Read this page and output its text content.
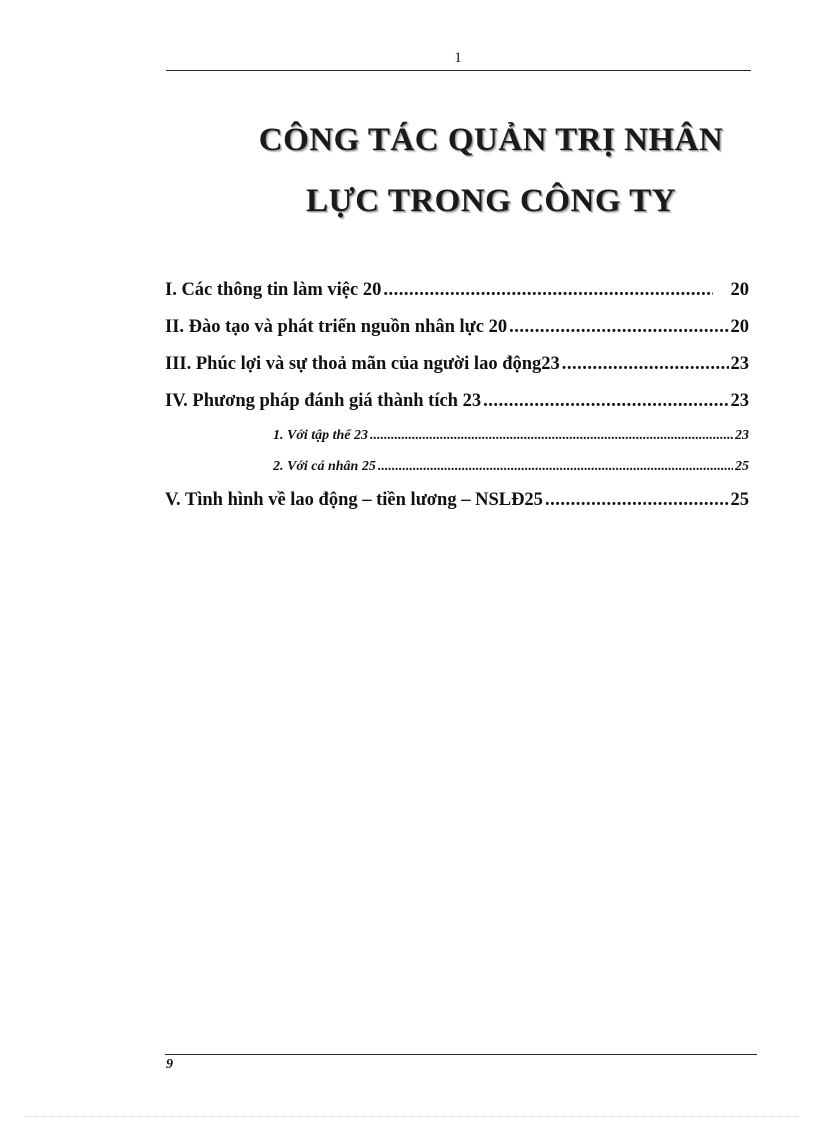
1
CÔNG TÁC QUẢN TRỊ NHÂN
LỰC TRONG CÔNG TY
I. Các thông tin làm việc 20 .....	20
II. Đào tạo và phát triển nguồn nhân lực 20 .....	20
III. Phúc lợi và sự thoả mãn của người lao động23 .....	23
IV. Phương pháp đánh giá thành tích 23 .....	23
1. Với tập thể 23 .....	23
2. Với cá nhân 25 .....	25
V. Tình hình về lao động – tiền lương – NSLĐ25 .....	25
9
